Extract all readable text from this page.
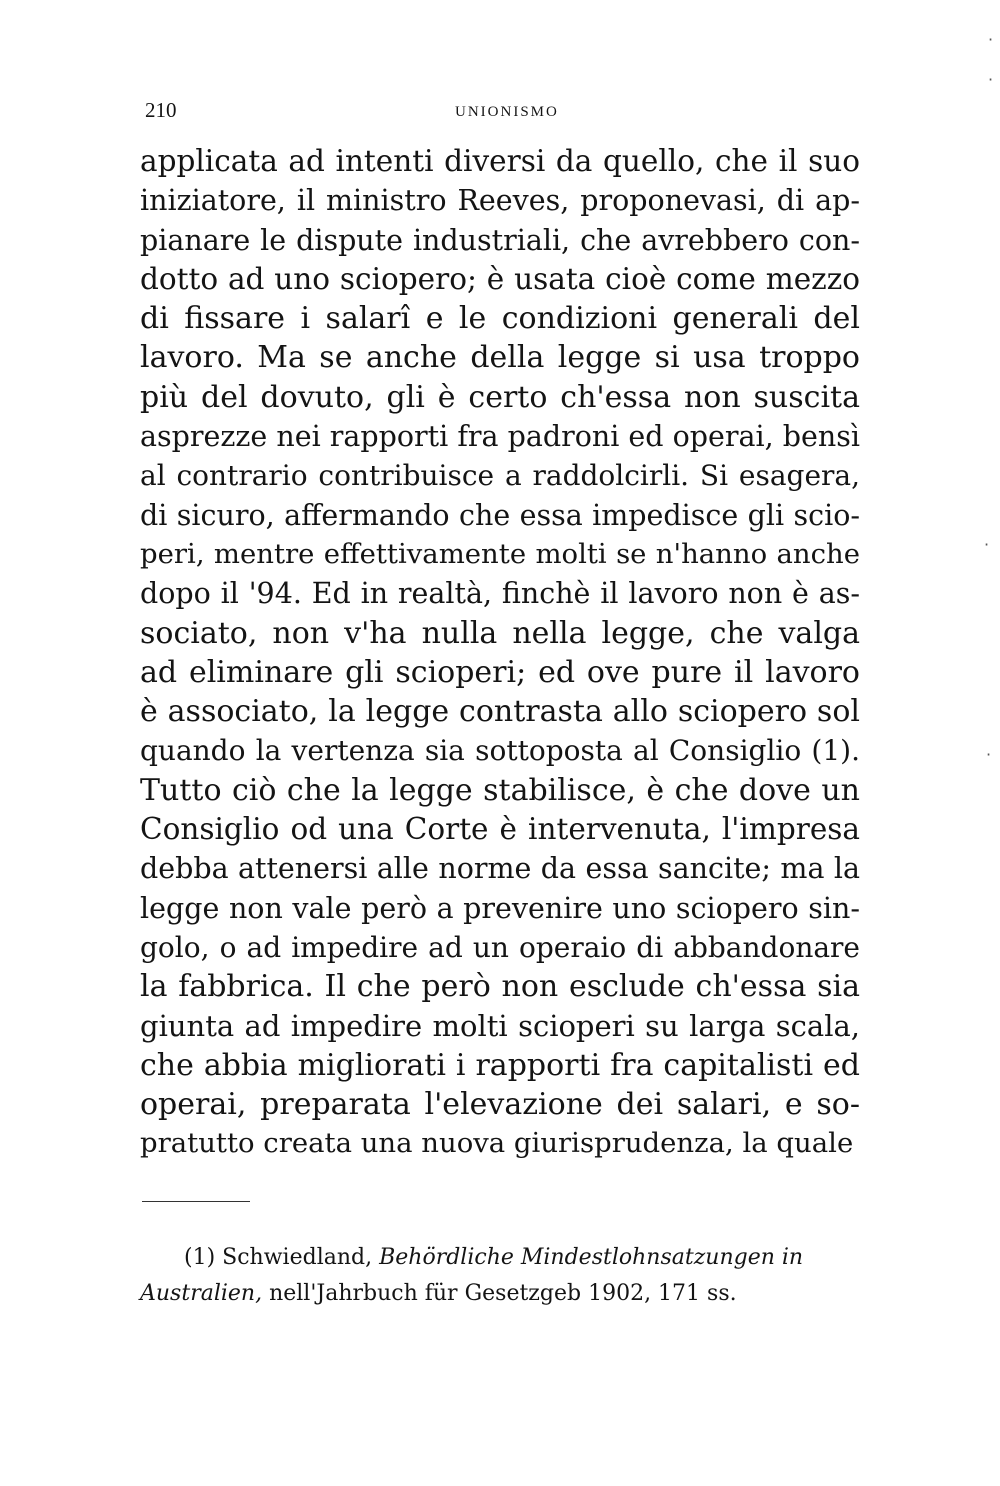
210	UNIONISMO
applicata ad intenti diversi da quello, che il suo
iniziatore, il ministro Reeves, proponevasi, di ap-
pianare le dispute industriali, che avrebbero con-
dotto ad uno sciopero; è usata cioè come mezzo
di fissare i salarî e le condizioni generali del
lavoro. Ma se anche della legge si usa troppo
più del dovuto, gli è certo ch'essa non suscita
asprezze nei rapporti fra padroni ed operai, bensì
al contrario contribuisce a raddolcirli. Si esagera,
di sicuro, affermando che essa impedisce gli scio-
peri, mentre effettivamente molti se n'hanno anche
dopo il '94. Ed in realtà, finchè il lavoro non è as-
sociato, non v'ha nulla nella legge, che valga
ad eliminare gli scioperi; ed ove pure il lavoro
è associato, la legge contrasta allo sciopero sol
quando la vertenza sia sottoposta al Consiglio (1).
Tutto ciò che la legge stabilisce, è che dove un
Consiglio od una Corte è intervenuta, l'impresa
debba attenersi alle norme da essa sancite; ma la
legge non vale però a prevenire uno sciopero sin-
golo, o ad impedire ad un operaio di abbandonare
la fabbrica. Il che però non esclude ch'essa sia
giunta ad impedire molti scioperi su larga scala,
che abbia migliorati i rapporti fra capitalisti ed
operai, preparata l'elevazione dei salari, e so-
pratutto creata una nuova giurisprudenza, la quale
(1) Schwiedland, Behördliche Mindestlohnsatzungen in
Australien, nell'Jahrbuch für Gesetzgeb 1902, 171 ss.
·
·
·
·
